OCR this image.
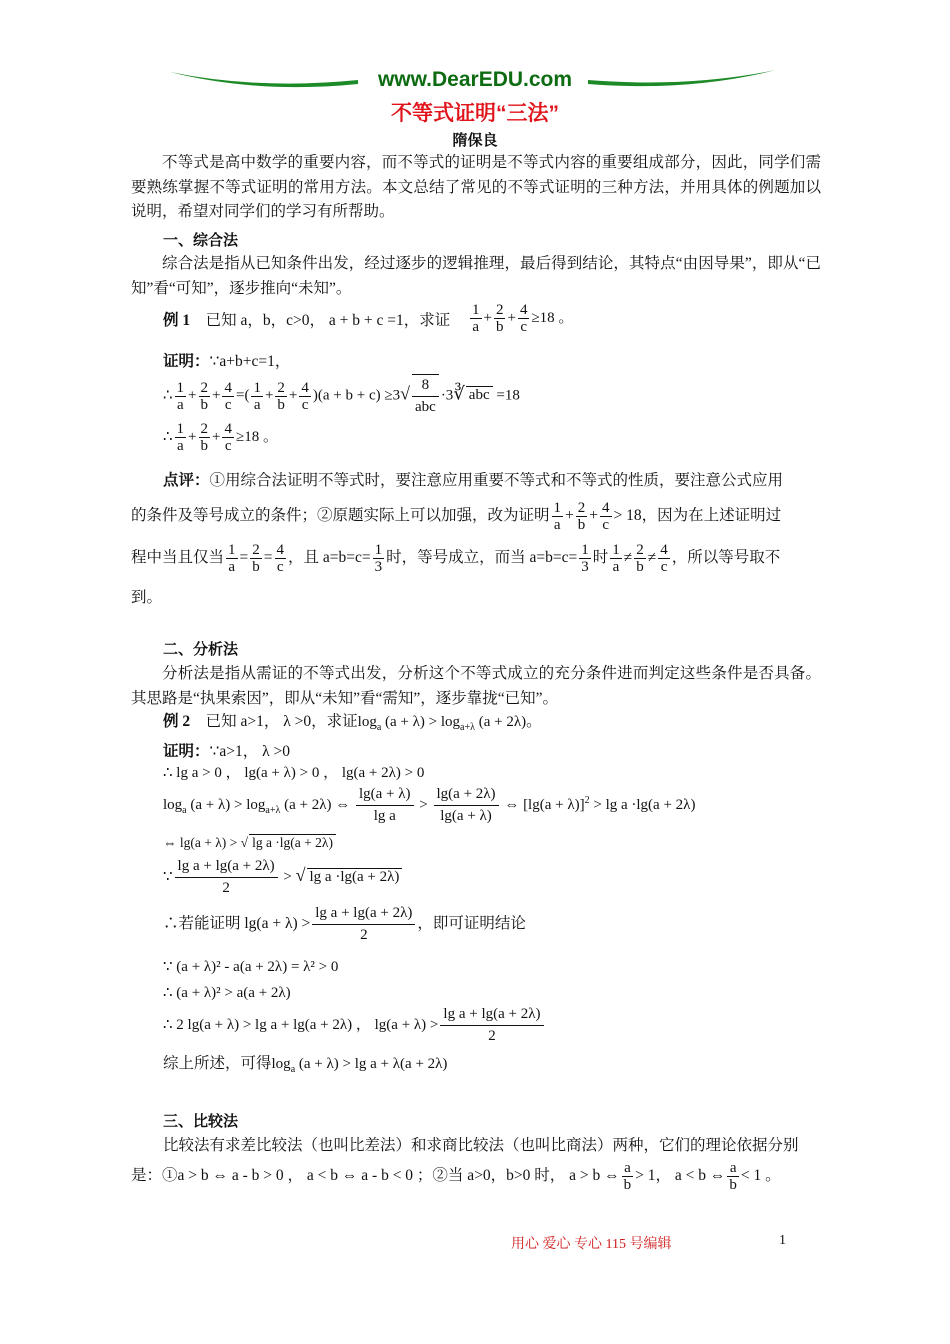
www.DearEDU.com
不等式证明“三法”
隋保良
不等式是高中数学的重要内容，而不等式的证明是不等式内容的重要组成部分，因此，同学们需要熟练掌握不等式证明的常用方法。本文总结了常见的不等式证明的三种方法，并用具体的例题加以说明，希望对同学们的学习有所帮助。
一、综合法
综合法是指从已知条件出发，经过逐步的逻辑推理，最后得到结论，其特点“由因导果”，即从“已知”看“可知”，逐步推向“未知”。
例 1 已知 a，b，c>0， a + b + c =1，求证 $\frac{1}{a} + \frac{2}{b} + \frac{4}{c} \ge 18$ 。
证明：∵a+b+c=1，
∴ $\frac{1}{a} + \frac{2}{b} + \frac{4}{c}$ =( $\frac{1}{a} + \frac{2}{b} + \frac{4}{c} )(a + b + c) \ge 3√$ 8
abc
·3∛ abc =18
∴ $\frac{1}{a} + \frac{2}{b} + \frac{4}{c} \ge 18$ 。
点评：①用综合法证明不等式时，要注意应用重要不等式和不等式的性质，要注意公式应用
的条件及等号成立的条件；②原题实际上可以加强，改为证明 $\frac{1}{a} + \frac{2}{b} + \frac{4}{c} > 18$，因为在上述证明过
程中当且仅当 $\frac{1}{a} = \frac{2}{b} = \frac{4}{c}$ ，且 $a=b=c= \frac{1}{3}$ 时，等号成立，而当 $a=b=c= \frac{1}{3}$ 时 $\frac{1}{a} \ne \frac{2}{b} \ne \frac{4}{c}$ ，所以等号取不
到。
二、分析法
分析法是指从需证的不等式出发，分析这个不等式成立的充分条件进而判定这些条件是否具备。其思路是“执果索因”，即从“未知”看“需知”，逐步靠拢“已知”。
例 2 已知 a>1， λ >0，求证$\log_a (a + \lambda) > \log_{a+\lambda} (a + 2\lambda)$。
证明：∵a>1， λ >0
∴ lg a > 0 ， lg(a + λ) > 0 ， lg(a + 2λ) > 0
$\log_a (a + \lambda) > \log_{a+\lambda} (a + 2\lambda)$ ⇔ $\frac{\lg(a + \lambda)}{\text{lg a}} > \frac{\lg(a + 2\lambda)}{\lg(a + \lambda)}$ ⇔ $[\lg(a + \lambda)]^2 > \lg a \cdot\lg(a + 2\lambda)$
⇔ lg(a + λ) > √ lg a ·lg(a + 2λ)
∵ $\frac{\text{lg a + lg(a + 2λ)}}{2}$ > √ lg a ·lg(a + 2λ)
∴若能证明 $\lg(a + \lambda) > \frac{\text{lg a + lg(a + 2λ)}}{2}$ ，即可证明结论
∵ (a + λ)² - a(a + 2λ) = λ² > 0
∴ (a + λ)² > a(a + 2λ)
∴ 2 lg(a + λ) > lg a + lg(a + 2λ) ， $\lg(a + \lambda) > \frac{\text{lg a + lg(a + 2λ)}}{2}$
综上所述，可得$\log_a (a + \lambda) > \lg a + \lambda(a + 2\lambda)$
三、比较法
比较法有求差比较法（也叫比差法）和求商比较法（也叫比商法）两种，它们的理论依据分别
是：①a > b ⇔ a - b > 0 ， a < b ⇔ a - b < 0 ；②当 a>0，b>0 时， a > b ⇔ $\frac{a}{b} > 1$， a < b ⇔ $\frac{a}{b} < 1$ 。
用心 爱心 专心 115 号编辑	1
